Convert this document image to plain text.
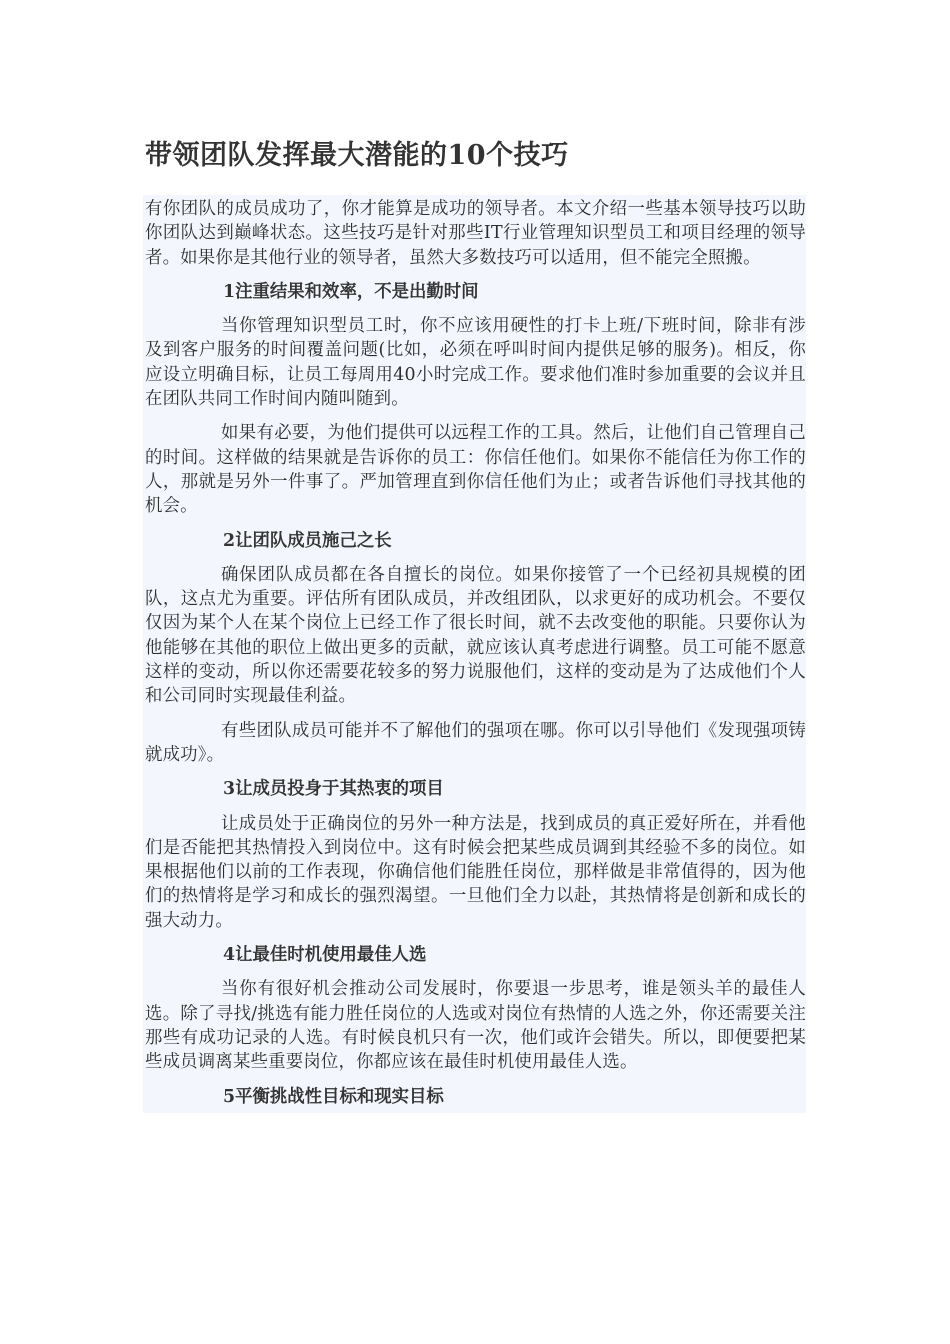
带领团队发挥最大潜能的10个技巧

有你团队的成员成功了，你才能算是成功的领导者。本文介绍一些基本领导技巧以助你团队达到巅峰状态。这些技巧是针对那些IT行业管理知识型员工和项目经理的领导者。如果你是其他行业的领导者，虽然大多数技巧可以适用，但不能完全照搬。

1注重结果和效率，不是出勤时间

当你管理知识型员工时，你不应该用硬性的打卡上班/下班时间，除非有涉及到客户服务的时间覆盖问题(比如，必须在呼叫时间内提供足够的服务)。相反，你应设立明确目标，让员工每周用40小时完成工作。要求他们准时参加重要的会议并且在团队共同工作时间内随叫随到。

如果有必要，为他们提供可以远程工作的工具。然后，让他们自己管理自己的时间。这样做的结果就是告诉你的员工：你信任他们。如果你不能信任为你工作的人，那就是另外一件事了。严加管理直到你信任他们为止；或者告诉他们寻找其他的机会。

2让团队成员施己之长

确保团队成员都在各自擅长的岗位。如果你接管了一个已经初具规模的团队，这点尤为重要。评估所有团队成员，并改组团队，以求更好的成功机会。不要仅仅因为某个人在某个岗位上已经工作了很长时间，就不去改变他的职能。只要你认为他能够在其他的职位上做出更多的贡献，就应该认真考虑进行调整。员工可能不愿意这样的变动，所以你还需要花较多的努力说服他们，这样的变动是为了达成他们个人和公司同时实现最佳利益。

有些团队成员可能并不了解他们的强项在哪。你可以引导他们《发现强项铸就成功》。

3让成员投身于其热衷的项目

让成员处于正确岗位的另外一种方法是，找到成员的真正爱好所在，并看他们是否能把其热情投入到岗位中。这有时候会把某些成员调到其经验不多的岗位。如果根据他们以前的工作表现，你确信他们能胜任岗位，那样做是非常值得的，因为他们的热情将是学习和成长的强烈渴望。一旦他们全力以赴，其热情将是创新和成长的强大动力。

4让最佳时机使用最佳人选

当你有很好机会推动公司发展时，你要退一步思考，谁是领头羊的最佳人选。除了寻找/挑选有能力胜任岗位的人选或对岗位有热情的人选之外，你还需要关注那些有成功记录的人选。有时候良机只有一次，他们或许会错失。所以，即便要把某些成员调离某些重要岗位，你都应该在最佳时机使用最佳人选。

5平衡挑战性目标和现实目标
